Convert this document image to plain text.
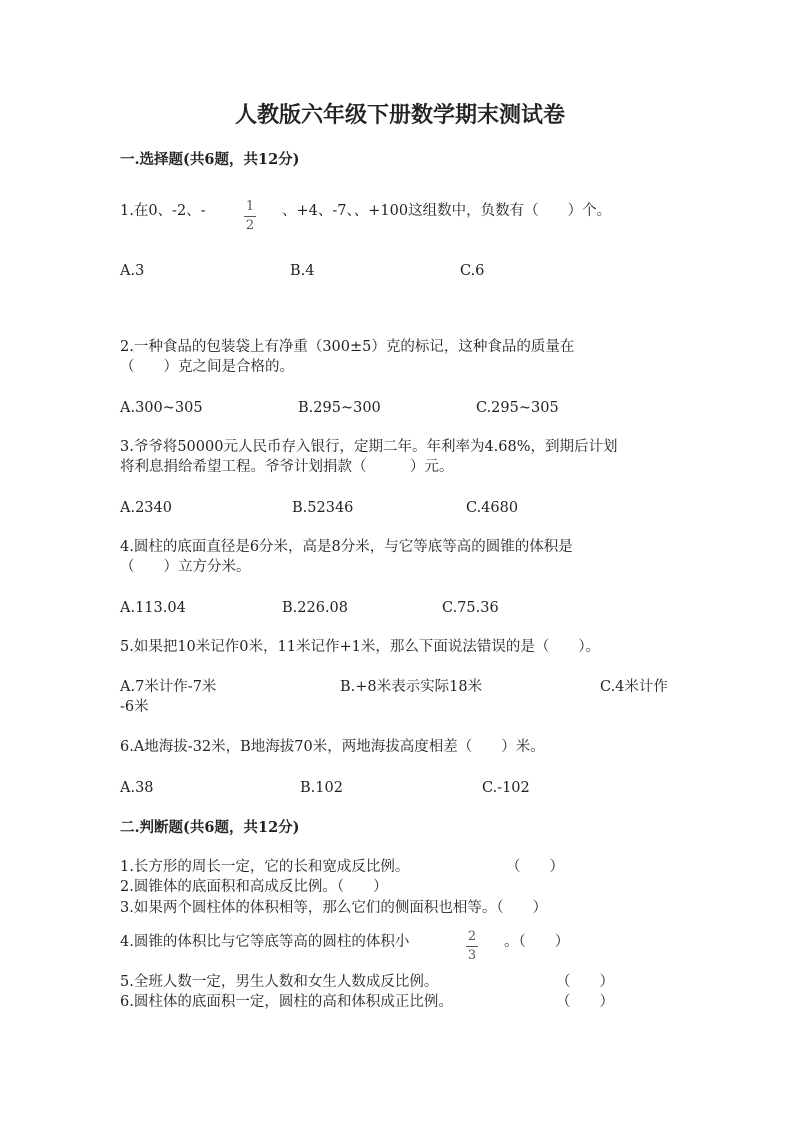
人教版六年级下册数学期末测试卷
一.选择题(共6题，共12分)
1.在0、-2、-	$\frac{1}{2}$ 、+4、-7、、+100这组数中，负数有（　　）个。
A.3	B.4	C.6
2.一种食品的包装袋上有净重（300±5）克的标记，这种食品的质量在
（　　）克之间是合格的。
A.300~305	B.295~300	C.295~305
3.爷爷将50000元人民币存入银行，定期二年。年利率为4.68%，到期后计划
将利息捐给希望工程。爷爷计划捐款（　　　）元。
A.2340	B.52346	C.4680
4.圆柱的底面直径是6分米，高是8分米，与它等底等高的圆锥的体积是
（　　）立方分米。
A.113.04	B.226.08	C.75.36
5.如果把10米记作0米，11米记作+1米，那么下面说法错误的是（　　）。
A.7米计作-7米	B.+8米表示实际18米	C.4米计作
-6米
6.A地海拔-32米，B地海拔70米，两地海拔高度相差（　　）米。
A.38	B.102	C.-102
二.判断题(共6题，共12分)
1.长方形的周长一定，它的长和宽成反比例。	（　　）
2.圆锥体的底面积和高成反比例。（　　）
3.如果两个圆柱体的体积相等，那么它们的侧面积也相等。（　　）
4.圆锥的体积比与它等底等高的圆柱的体积小	$\frac{2}{3}$ 。（　　）
5.全班人数一定，男生人数和女生人数成反比例。	（　　）
6.圆柱体的底面积一定，圆柱的高和体积成正比例。	（　　）
